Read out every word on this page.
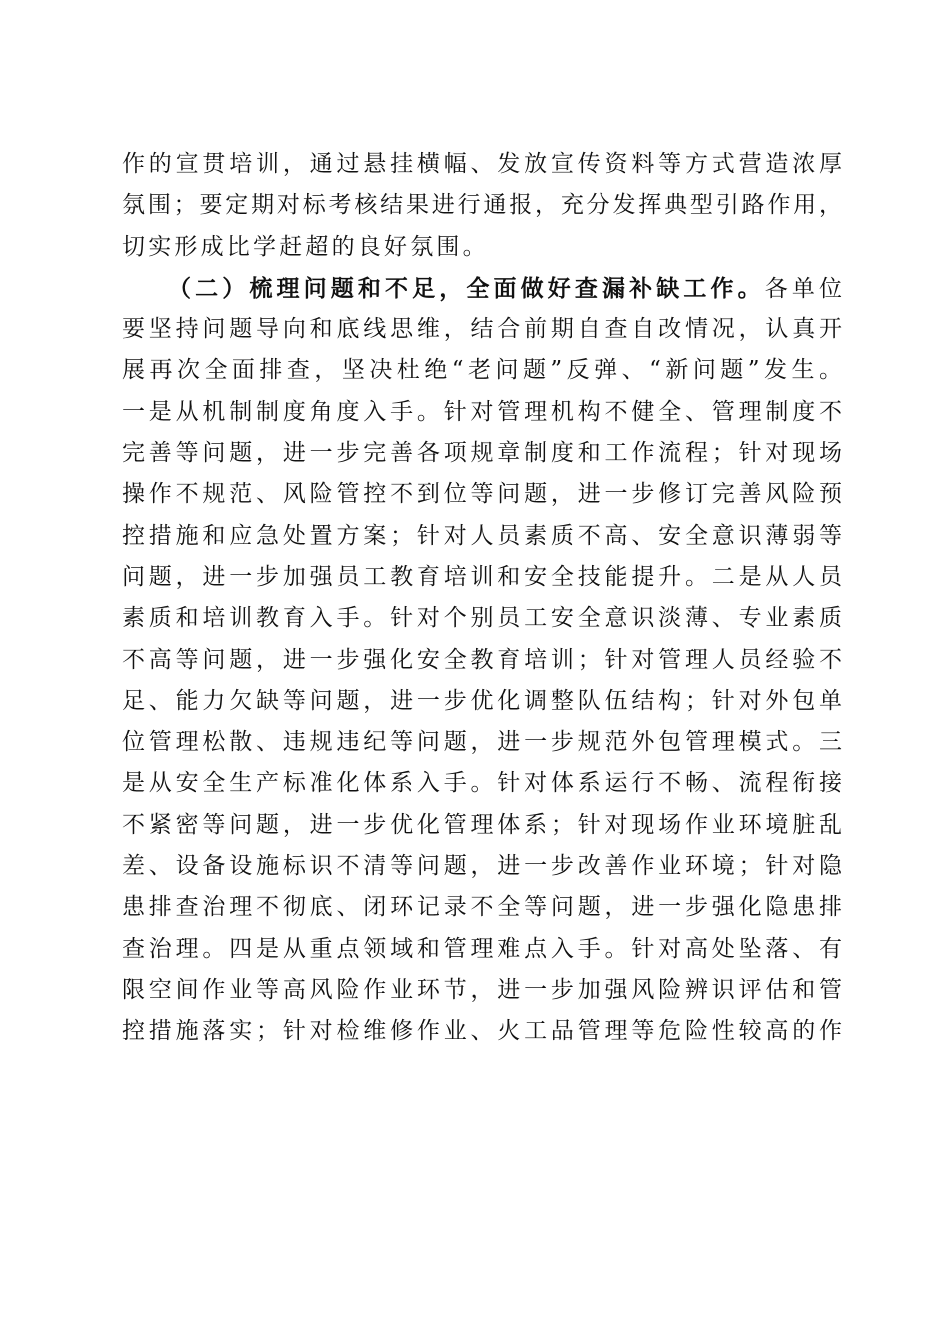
作的宣贯培训，通过悬挂横幅、发放宣传资料等方式营造浓厚
氛围；要定期对标考核结果进行通报，充分发挥典型引路作用，
切实形成比学赶超的良好氛围。
（二）梳理问题和不足，全面做好查漏补缺工作。各单位
要坚持问题导向和底线思维，结合前期自查自改情况，认真开
展再次全面排查，坚决杜绝“老问题”反弹、“新问题”发生。
一是从机制制度角度入手。针对管理机构不健全、管理制度不
完善等问题，进一步完善各项规章制度和工作流程；针对现场
操作不规范、风险管控不到位等问题，进一步修订完善风险预
控措施和应急处置方案；针对人员素质不高、安全意识薄弱等
问题，进一步加强员工教育培训和安全技能提升。二是从人员
素质和培训教育入手。针对个别员工安全意识淡薄、专业素质
不高等问题，进一步强化安全教育培训；针对管理人员经验不
足、能力欠缺等问题，进一步优化调整队伍结构；针对外包单
位管理松散、违规违纪等问题，进一步规范外包管理模式。三
是从安全生产标准化体系入手。针对体系运行不畅、流程衔接
不紧密等问题，进一步优化管理体系；针对现场作业环境脏乱
差、设备设施标识不清等问题，进一步改善作业环境；针对隐
患排查治理不彻底、闭环记录不全等问题，进一步强化隐患排
查治理。四是从重点领域和管理难点入手。针对高处坠落、有
限空间作业等高风险作业环节，进一步加强风险辨识评估和管
控措施落实；针对检维修作业、火工品管理等危险性较高的作
